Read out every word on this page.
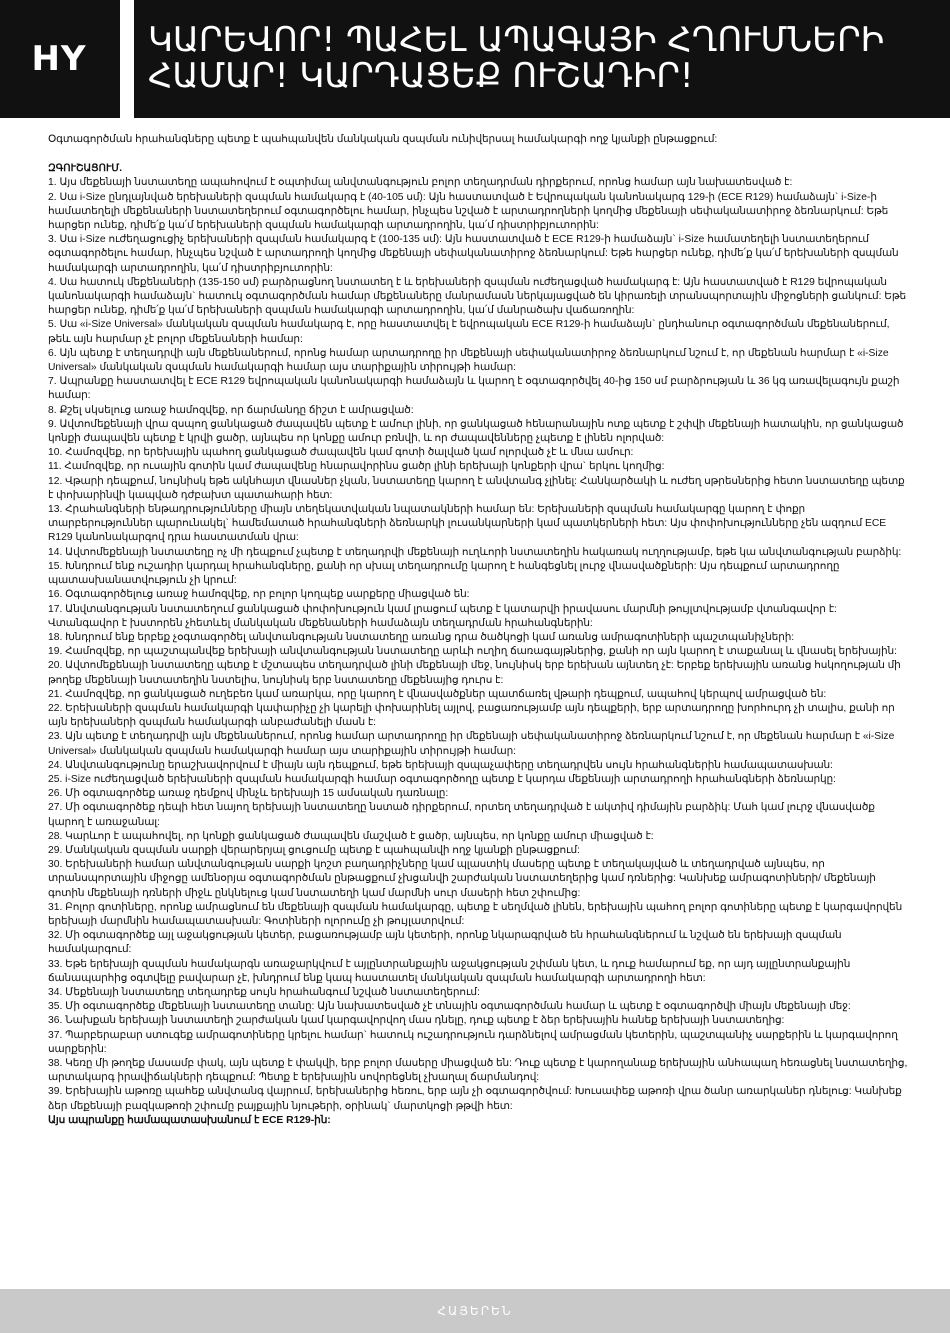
HY	ԿԱՐԵՎՈՐ! ՊԱՀԵԼ ԱՊԱԳԱՅԻ ՀՂՈՒՄՆԵՐԻ
ՀԱՄԱՐ! ԿԱՐԴԱՑԵՔ ՈՒՇԱԴԻՐ!

Օգտագործման հրահանգները պետք է պահպանվեն մանկական զսպման ունիվերսալ համակարգի ողջ կյանքի ընթացքում:

ԶԳՈՒՇԱՑՈՒՄ.

1. Այս մեքենայի նստատեղը ապահովում է օպտիմալ անվտանգություն բոլոր տեղադրման դիրքերում, որոնց համար այն նախատեսված է:
2. Սա i-Size ընդլայնված երեխաների զսպման համակարգ է (40-105 սմ): Այն հաստատված է Եվրոպական կանոնակարգ 129-ի (ECE R129) համաձայն` i-Size-ի համատեղելի մեքենաների նստատեղերում օգտագործելու համար, ինչպես նշված է արտադրողների կողմից մեքենայի սեփականատիրոջ ձեռնարկում: Եթե հարցեր ունեք, դիմե՛ք կա՛մ երեխաների զսպման համակարգի արտադրողին, կա՛մ դիստրիբյուտորին:
3. Սա i-Size ուժեղացուցիչ երեխաների զսպման համակարգ է (100-135 սմ): Այն հաստատված է ECE R129-ի համաձայն` i-Size համատեղելի նստատեղերում օգտագործելու համար, ինչպես նշված է արտադրողի կողմից մեքենայի սեփականատիրոջ ձեռնարկում: Եթե հարցեր ունեք, դիմե՛ք կա՛մ երեխաների զսպման համակարգի արտադրողին, կա՛մ դիստրիբյուտորին:
4. Սա հատուկ մեքենաների (135-150 սմ) բարձրացնող նստատեղ է և երեխաների զսպման ուժեղացված համակարգ է: Այն հաստատված է R129 եվրոպական կանոնակարգի համաձայն` հատուկ օգտագործման համար մեքենաները մանրամասն ներկայացված են կիրառելի տրանսպորտային միջոցների ցանկում: Եթե հարցեր ունեք, դիմե՛ք կա՛մ երեխաների զսպման համակարգի արտադրողին, կա՛մ մանրածախ վաճառողին:
5. Սա «i-Size Universal» մանկական զսպման համակարգ է, որը հաստատվել է եվրոպական ECE R129-ի համաձայն` ընդհանուր օգտագործման մեքենաներում, թեև այն հարմար չէ բոլոր մեքենաների համար:
6. Այն պետք է տեղադրվի այն մեքենաներում, որոնց համար արտադրողը իր մեքենայի սեփականատիրոջ ձեռնարկում նշում է, որ մեքենան հարմար է «i-Size Universal» մանկական զսպման համակարգի համար այս տարիքային տիրույթի համար:
7. Ապրանքը հաստատվել է ECE R129 եվրոպական կանոնակարգի համաձայն և կարող է օգտագործվել 40-ից 150 սմ բարձրության և 36 կգ առավելագույն քաշի համար:
8. Քշել սկսելուց առաջ համոզվեք, որ ճարմանդը ճիշտ է ամրացված:
9. Ավտոմեքենայի վրա զսպող ցանկացած ժապավեն պետք է ամուր լինի, որ ցանկացած հենարանային ոտք պետք է շփվի մեքենայի հատակին, որ ցանկացած կոնքի ժապավեն պետք է կրվի ցածր, այնպես որ կոնքը ամուր բռնվի, և որ ժապավենները չպետք է լինեն ոլորված:
10. Համոզվեք, որ երեխային պահող ցանկացած ժապավեն կամ գոտի ծալված կամ ոլորված չէ և մնա ամուր:
11. Համոզվեք, որ ուսային գոտին կամ ժապավենը հնարավորինս ցածր լինի երեխայի կոնքերի վրա` երկու կողմից:
12. Վթարի դեպքում, նույնիսկ եթե ակնհայտ վնասներ չկան, նստատեղը կարող է անվտանգ չլինել: Հանկարծակի և ուժեղ սթրեսներից հետո նստատեղը պետք է փոխարինվի կապված դժբախտ պատահարի հետ:
13. Հրահանգների ենթադրությունները միայն տեղեկատվական նպատակների համար են: Երեխաների զսպման համակարգը կարող է փոքր տարբերություններ պարունակել` համեմատած հրահանգների ձեռնարկի լուսանկարների կամ պատկերների հետ: Այս փոփոխությունները չեն ազդում ECE R129 կանոնակարգով դրա հաստատման վրա:
14. Ավտոմեքենայի նստատեղը ոչ մի դեպքում չպետք է տեղադրվի մեքենայի ուղևորի նստատեղին հակառակ ուղղությամբ, եթե կա անվտանգության բարձիկ:
15. Խնդրում ենք ուշադիր կարդալ հրահանգները, քանի որ սխալ տեղադրումը կարող է հանգեցնել լուրջ վնասվածքների: Այս դեպքում արտադրողը պատասխանատվություն չի կրում:
16. Օգտագործելուց առաջ համոզվեք, որ բոլոր կողպեք սարքերը միացված են:
17. Անվտանգության նստատեղում ցանկացած փոփոխություն կամ լրացում պետք է կատարվի իրավասու մարմնի թույլտվությամբ վտանգավոր է: Վտանգավոր է խստորեն չհետևել մանկական մեքենաների համաձայն տեղադրման հրահանգներին:
18. Խնդրում ենք երբեք չօգտագործել անվտանգության նստատեղը առանց դրա ծածկոցի կամ առանց ամրագոտիների պաշտպանիչների:
19. Համոզվեք, որ պաշտպանվեք երեխայի անվտանգության նստատեղը արևի ուղիղ ճառագայթներից, քանի որ այն կարող է տաքանալ և վնասել երեխային:
20. Ավտոմեքենայի նստատեղը պետք է մշտապես տեղադրված լինի մեքենայի մեջ, նույնիսկ երբ երեխան այնտեղ չէ: Երբեք երեխային առանց հսկողության մի թողեք մեքենայի նստատեղին նստելիս, նույնիսկ երբ նստատեղը մեքենայից դուրս է:
21. Համոզվեք, որ ցանկացած ուղեբեռ կամ առարկա, որը կարող է վնասվածքներ պատճառել վթարի դեպքում, ապահով կերպով ամրացված են:
22. Երեխաների զսպման համակարգի կափարիչը չի կարելի փոխարինել այլով, բացառությամբ այն դեպքերի, երբ արտադրողը խորհուրդ չի տալիս, քանի որ այն երեխաների զսպման համակարգի անբաժանելի մասն է:
23. Այն պետք է տեղադրվի այն մեքենաներում, որոնց համար արտադրողը իր մեքենայի սեփականատիրոջ ձեռնարկում նշում է, որ մեքենան հարմար է «i-Size Universal» մանկական զսպման համակարգի համար այս տարիքային տիրույթի համար:
24. Անվտանգությունը երաշխավորվում է միայն այն դեպքում, եթե երեխայի զսպաչափերը տեղադրվեն սույն հրահանգներին համապատասխան:
25. i-Size ուժեղացված երեխաների զսպման համակարգի համար օգտագործողը պետք է կարդա մեքենայի արտադրողի հրահանգների ձեռնարկը:
26. Մի օգտագործեք առաջ դեմքով մինչև երեխայի 15 ամսական դառնալը:
27. Մի օգտագործեք դեպի հետ նայող երեխայի նստատեղը նստած դիրքերում, որտեղ տեղադրված է ակտիվ դիմային բարձիկ: Մահ կամ լուրջ վնասվածք կարող է առաջանալ:
28. Կարևոր է ապահովել, որ կոնքի ցանկացած ժապավեն մաշված է ցածր, այնպես, որ կոնքը ամուր միացված է:
29. Մանկական զսպման սարքի վերարերյալ ցուցումը պետք է պահպանվի ողջ կյանքի ընթացքում:
30. Երեխաների համար անվտանգության սարքի կոշտ բաղադրիչները կամ պլաստիկ մասերը պետք է տեղակայված և տեղադրված այնպես, որ տրանսպորտային միջոցը ամենօրյա օգտագործման ընթացքում չխցանվի շարժական նստատեղերից կամ դռներից: Կանխեք ամրագոտիների/ մեքենայի գոտին մեքենայի դռների միջև ընկնելուց կամ նստատեղի կամ մարմնի սուր մասերի հետ շփումից:
31. Բոլոր գոտիները, որոնք ամրացնում են մեքենայի զսպման համակարգը, պետք է սեղմված լինեն, երեխային պահող բոլոր գոտիները պետք է կարգավորվեն երեխայի մարմնին համապատասխան: Գոտիների ոլորումը չի թույլատրվում:
32. Մի օգտագործեք այլ աջակցության կետեր, բացառությամբ այն կետերի, որոնք նկարագրված են հրահանգներում և նշված են երեխայի զսպման համակարգում:
33. Եթե երեխայի զսպման համակարգն առաջարկվում է այլընտրանքային աջակցության շփման կետ, և դուք համարում եք, որ այդ այլընտրանքային ճանապարհից օգտվելը բավարար չէ, խնդրում ենք կապ հաստատել մանկական զսպման համակարգի արտադրողի հետ:
34. Մեքենայի նստատեղը տեղադրեք սույն հրահանգում նշված նստատեղերում:
35. Մի օգտագործեք մեքենայի նստատեղը տանը: Այն նախատեսված չէ տնային օգտագործման համար և պետք է օգտագործվի միայն մեքենայի մեջ:
36. Նախքան երեխայի նստատեղի շարժական կամ կարգավորվող մաս դնելը, դուք պետք է ձեր երեխային հանեք երեխայի նստատեղից:
37. Պարբերաբար ստուգեք ամրագոտիները կրելու համար` հատուկ ուշադրություն դարձնելով ամրացման կետերին, պաշտպանիչ սարքերին և կարգավորող սարքերին:
38. Կեռը մի թողեք մասամբ փակ, այն պետք է փակվի, երբ բոլոր մասերը միացված են: Դուք պետք է կարողանաք երեխային անհապաղ հեռացնել նստատեղից, արտակարգ իրավիճակների դեպքում: Պետք է երեխային սովորեցնել չխաղալ ճարմանդով:
39. Երեխային աթոռը պահեք անվտանգ վայրում, երեխաներից հեռու, երբ այն չի օգտագործվում: Խուսափեք աթոռի վրա ծանր առարկաներ դնելուց: Կանխեք ձեր մեքենայի բազկաթոռի շփումը բայքային նյութերի, օրինակ` մարտկոցի թթվի հետ:

Այս ապրանքը համապատասխանում է ECE R129-ին:

ՀԱՅԵՐԵՆ
